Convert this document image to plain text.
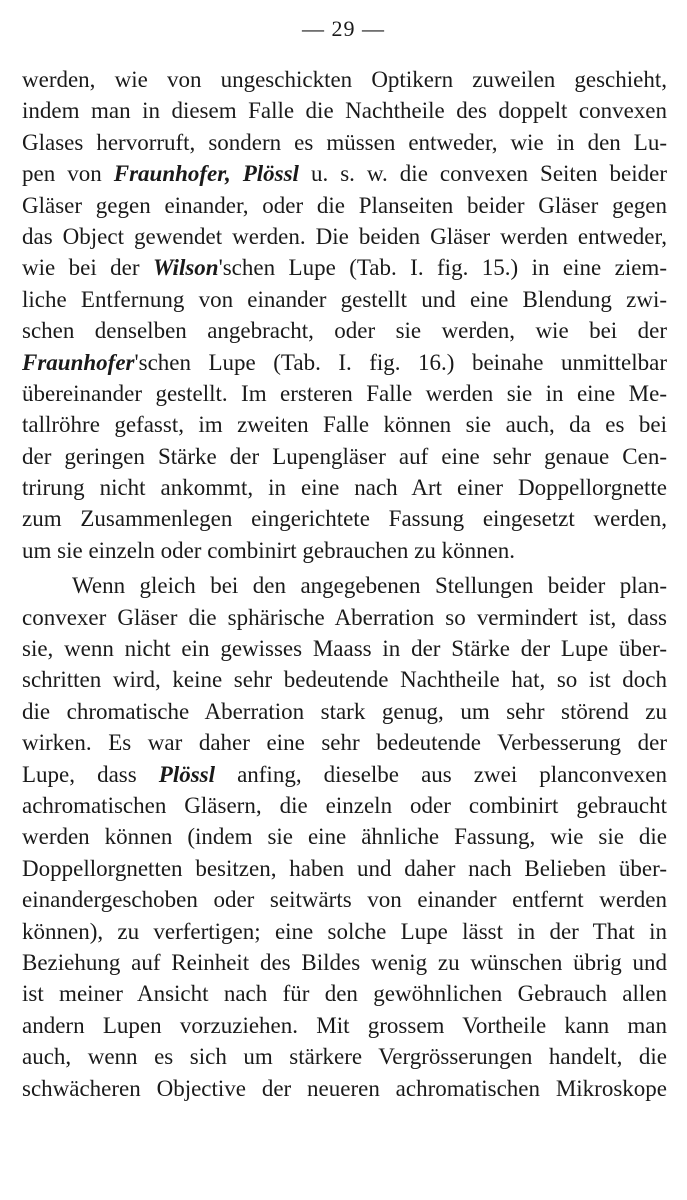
— 29 —
werden, wie von ungeschickten Optikern zuweilen geschieht,
indem man in diesem Falle die Nachtheile des doppelt convexen
Glases hervorruft, sondern es müssen entweder, wie in den Lu-
pen von Fraunhofer, Plössl u. s. w. die convexen Seiten beider
Gläser gegen einander, oder die Planseiten beider Gläser gegen
das Object gewendet werden. Die beiden Gläser werden entweder,
wie bei der Wilson'schen Lupe (Tab. I. fig. 15.) in eine ziem-
liche Entfernung von einander gestellt und eine Blendung zwi-
schen denselben angebracht, oder sie werden, wie bei der
Fraunhofer'schen Lupe (Tab. I. fig. 16.) beinahe unmittelbar
übereinander gestellt. Im ersteren Falle werden sie in eine Me-
tallröhre gefasst, im zweiten Falle können sie auch, da es bei
der geringen Stärke der Lupengläser auf eine sehr genaue Cen-
trirung nicht ankommt, in eine nach Art einer Doppellorgnette
zum Zusammenlegen eingerichtete Fassung eingesetzt werden,
um sie einzeln oder combinirt gebrauchen zu können.
Wenn gleich bei den angegebenen Stellungen beider plan-
convexer Gläser die sphärische Aberration so vermindert ist, dass
sie, wenn nicht ein gewisses Maass in der Stärke der Lupe über-
schritten wird, keine sehr bedeutende Nachtheile hat, so ist doch
die chromatische Aberration stark genug, um sehr störend zu
wirken. Es war daher eine sehr bedeutende Verbesserung der
Lupe, dass Plössl anfing, dieselbe aus zwei planconvexen
achromatischen Gläsern, die einzeln oder combinirt gebraucht
werden können (indem sie eine ähnliche Fassung, wie sie die
Doppellorgnetten besitzen, haben und daher nach Belieben über-
einandergeschoben oder seitwärts von einander entfernt werden
können), zu verfertigen; eine solche Lupe lässt in der That in
Beziehung auf Reinheit des Bildes wenig zu wünschen übrig und
ist meiner Ansicht nach für den gewöhnlichen Gebrauch allen
andern Lupen vorzuziehen. Mit grossem Vortheile kann man
auch, wenn es sich um stärkere Vergrösserungen handelt, die
schwächeren Objective der neueren achromatischen Mikroskope
